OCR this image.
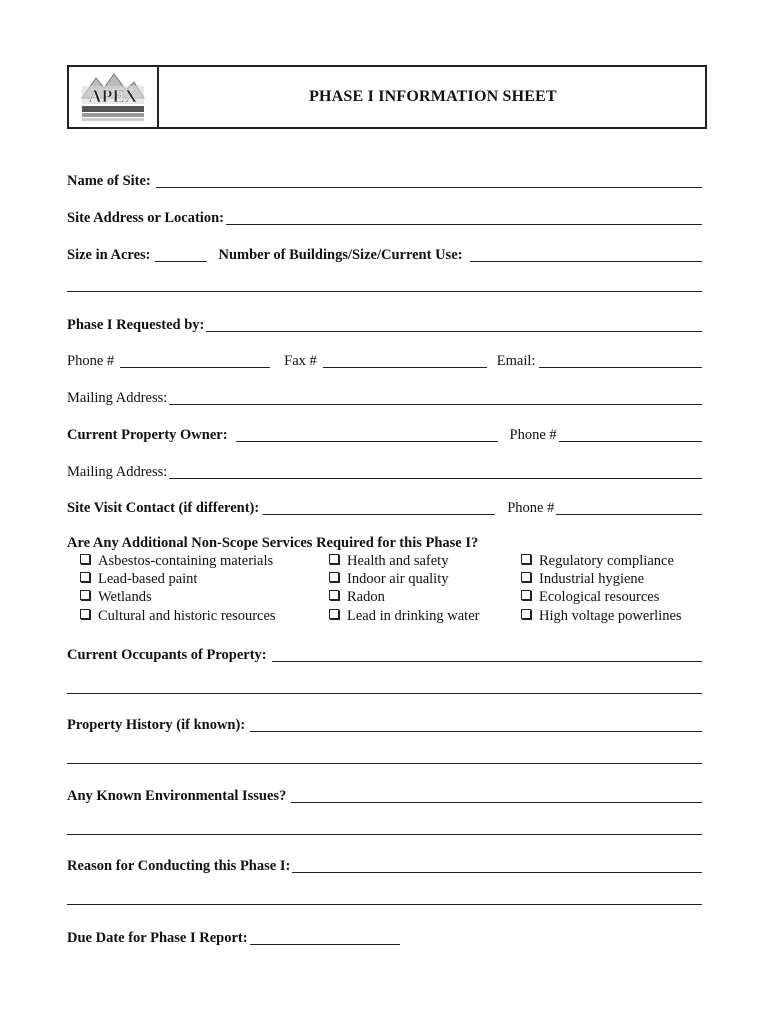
APEX	PHASE I INFORMATION SHEET
Name of Site:
Site Address or Location:
Size in Acres:	Number of Buildings/Size/Current Use:
Phase I Requested by:
Phone #	Fax #	Email:
Mailing Address:
Current Property Owner:	Phone #
Mailing Address:
Site Visit Contact (if different):	Phone #
Are Any Additional Non-Scope Services Required for this Phase I?
Asbestos-containing materials
Lead-based paint
Wetlands
Cultural and historic resources
Health and safety
Indoor air quality
Radon
Lead in drinking water
Regulatory compliance
Industrial hygiene
Ecological resources
High voltage powerlines
Current Occupants of Property:
Property History (if known):
Any Known Environmental Issues?
Reason for Conducting this Phase I:
Due Date for Phase I Report:
